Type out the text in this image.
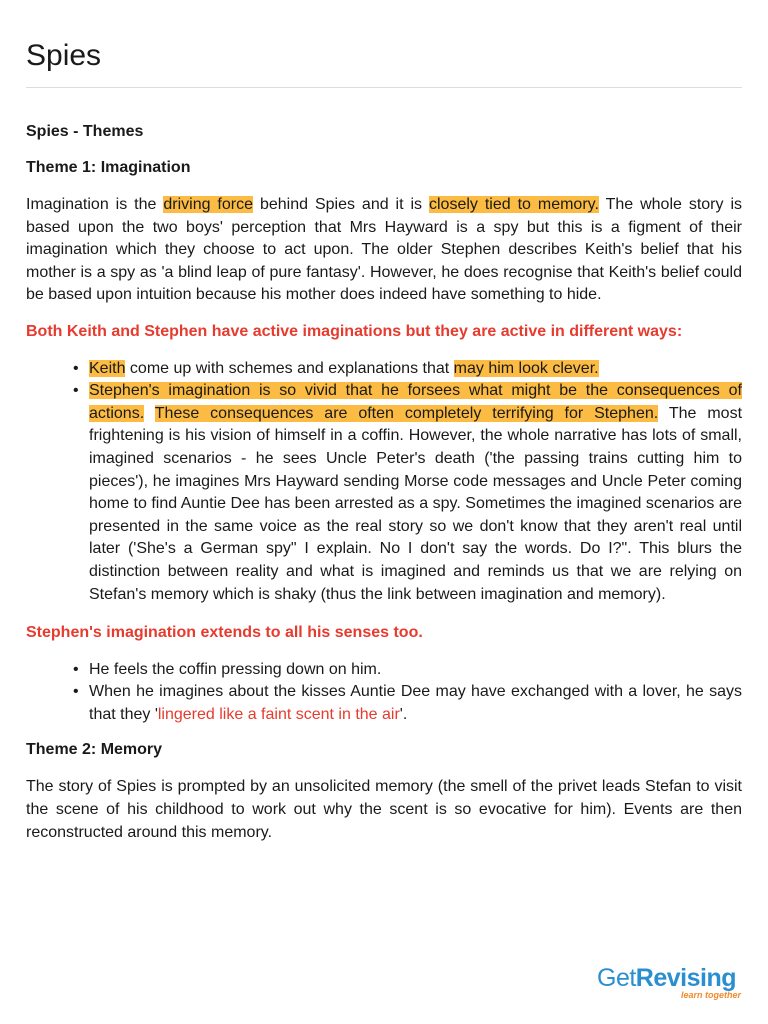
Spies
Spies - Themes
Theme 1: Imagination

Imagination is the driving force behind Spies and it is closely tied to memory. The whole story is based upon the two boys' perception that Mrs Hayward is a spy but this is a figment of their imagination which they choose to act upon. The older Stephen describes Keith's belief that his mother is a spy as 'a blind leap of pure fantasy'. However, he does recognise that Keith's belief could be based upon intuition because his mother does indeed have something to hide.

Both Keith and Stephen have active imaginations but they are active in different ways:
• Keith come up with schemes and explanations that may him look clever.
• Stephen's imagination is so vivid that he forsees what might be the consequences of actions. These consequences are often completely terrifying for Stephen. The most frightening is his vision of himself in a coffin. However, the whole narrative has lots of small, imagined scenarios - he sees Uncle Peter's death ('the passing trains cutting him to pieces'), he imagines Mrs Hayward sending Morse code messages and Uncle Peter coming home to find Auntie Dee has been arrested as a spy. Sometimes the imagined scenarios are presented in the same voice as the real story so we don't know that they aren't real until later ('She's a German spy" I explain. No I don't say the words. Do I?". This blurs the distinction between reality and what is imagined and reminds us that we are relying on Stefan's memory which is shaky (thus the link between imagination and memory).
Stephen's imagination extends to all his senses too.
• He feels the coffin pressing down on him.
• When he imagines about the kisses Auntie Dee may have exchanged with a lover, he says that they 'lingered like a faint scent in the air'.
Theme 2: Memory

The story of Spies is prompted by an unsolicited memory (the smell of the privet leads Stefan to visit the scene of his childhood to work out why the scent is so evocative for him). Events are then reconstructed around this memory.

GetRevising
learn together
